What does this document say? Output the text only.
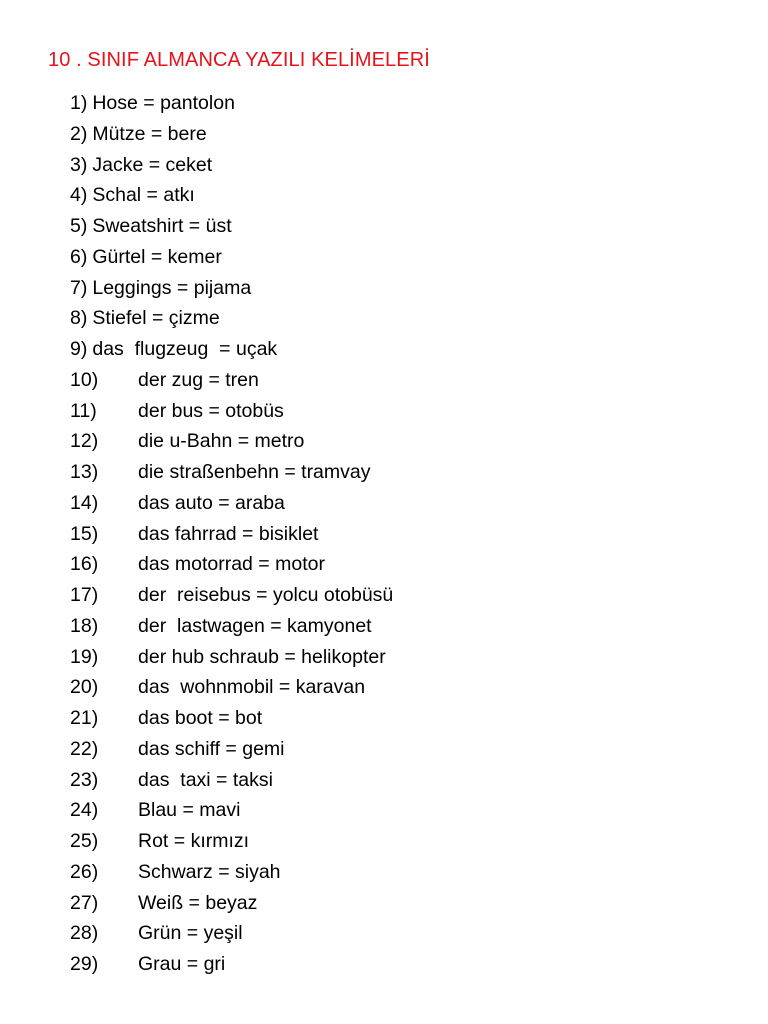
10 . SINIF ALMANCA YAZILI KELİMELERİ
1) Hose = pantolon
2) Mütze = bere
3) Jacke = ceket
4) Schal = atkı
5) Sweatshirt = üst
6) Gürtel = kemer
7) Leggings = pijama
8) Stiefel = çizme
9) das  flugzeug  = uçak
10)	der zug = tren
11)	der bus = otobüs
12)	die u-Bahn = metro
13)	die straßenbehn = tramvay
14)	das auto = araba
15)	das fahrrad = bisiklet
16)	das motorrad = motor
17)	der  reisebus = yolcu otobüsü
18)	der  lastwagen = kamyonet
19)	der hub schraub = helikopter
20)	das  wohnmobil = karavan
21)	das boot = bot
22)	das schiff = gemi
23)	das  taxi = taksi
24)	Blau = mavi
25)	Rot = kırmızı
26)	Schwarz = siyah
27)	Weiß = beyaz
28)	Grün = yeşil
29)	Grau = gri
